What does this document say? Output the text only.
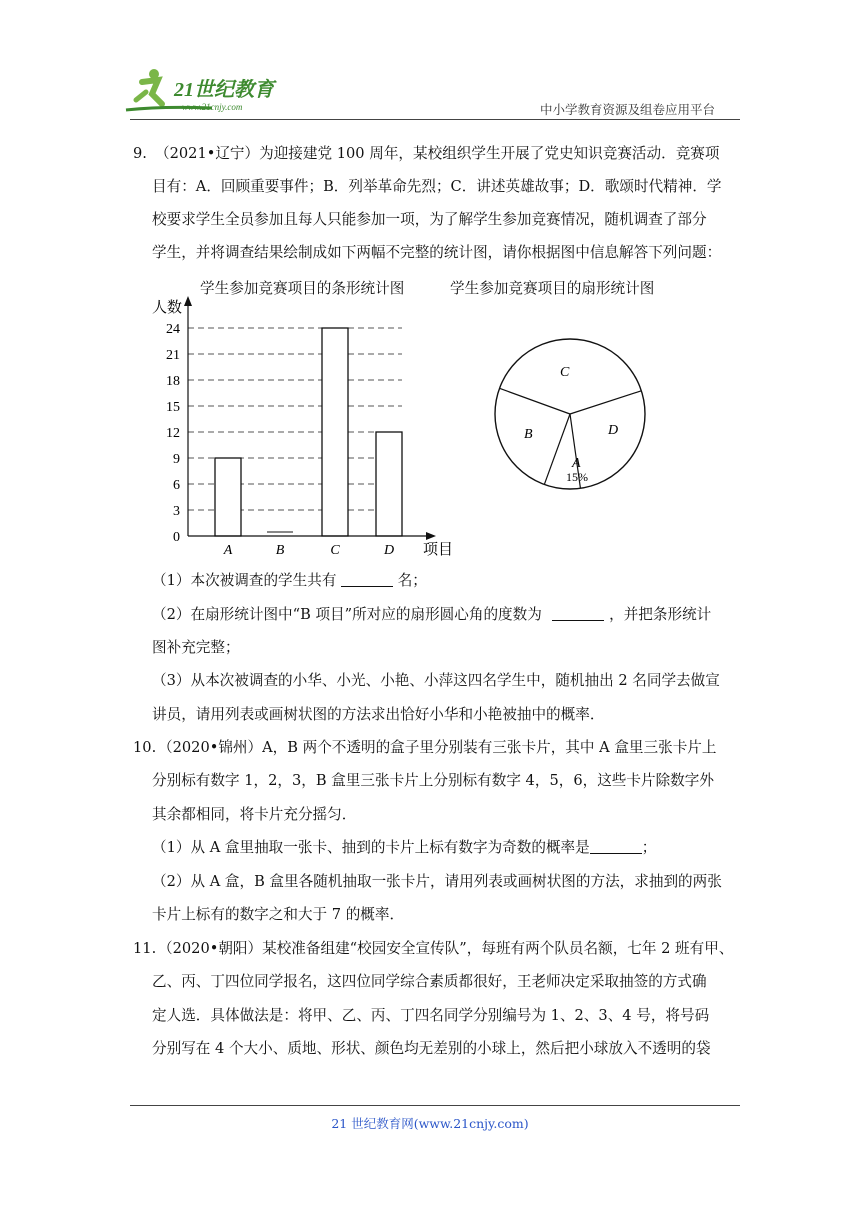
21世纪教育
www.21cnjy.com	中小学教育资源及组卷应用平台
9. （2021•辽宁）为迎接建党 100 周年，某校组织学生开展了党史知识竞赛活动．竞赛项
目有：A．回顾重要事件；B．列举革命先烈；C．讲述英雄故事；D．歌颂时代精神．学
校要求学生全员参加且每人只能参加一项，为了解学生参加竞赛情况，随机调查了部分
学生，并将调查结果绘制成如下两幅不完整的统计图，请你根据图中信息解答下列问题：
学生参加竞赛项目的条形统计图	学生参加竞赛项目的扇形统计图
0
3
6
9
12
15
18
21
24
A	B	C	D
人数
项目
C
B	D
A
15%
（1）本次被调查的学生共有	名；
（2）在扇形统计图中“B 项目”所对应的扇形圆心角的度数为	，并把条形统计
图补充完整；
（3）从本次被调查的小华、小光、小艳、小萍这四名学生中，随机抽出 2 名同学去做宣
讲员，请用列表或画树状图的方法求出恰好小华和小艳被抽中的概率．
10. （2020•锦州）A，B 两个不透明的盒子里分别装有三张卡片，其中 A 盒里三张卡片上
分别标有数字 1，2，3，B 盒里三张卡片上分别标有数字 4，5，6，这些卡片除数字外
其余都相同，将卡片充分摇匀．
（1）从 A 盒里抽取一张卡、抽到的卡片上标有数字为奇数的概率是	；
（2）从 A 盒，B 盒里各随机抽取一张卡片，请用列表或画树状图的方法，求抽到的两张
卡片上标有的数字之和大于 7 的概率．
11. （2020•朝阳）某校准备组建“校园安全宣传队”，每班有两个队员名额，七年 2 班有甲、
乙、丙、丁四位同学报名，这四位同学综合素质都很好，王老师决定采取抽签的方式确
定人选．具体做法是：将甲、乙、丙、丁四名同学分别编号为 1、2、3、4 号，将号码
分别写在 4 个大小、质地、形状、颜色均无差别的小球上，然后把小球放入不透明的袋
21 世纪教育网(www.21cnjy.com)
